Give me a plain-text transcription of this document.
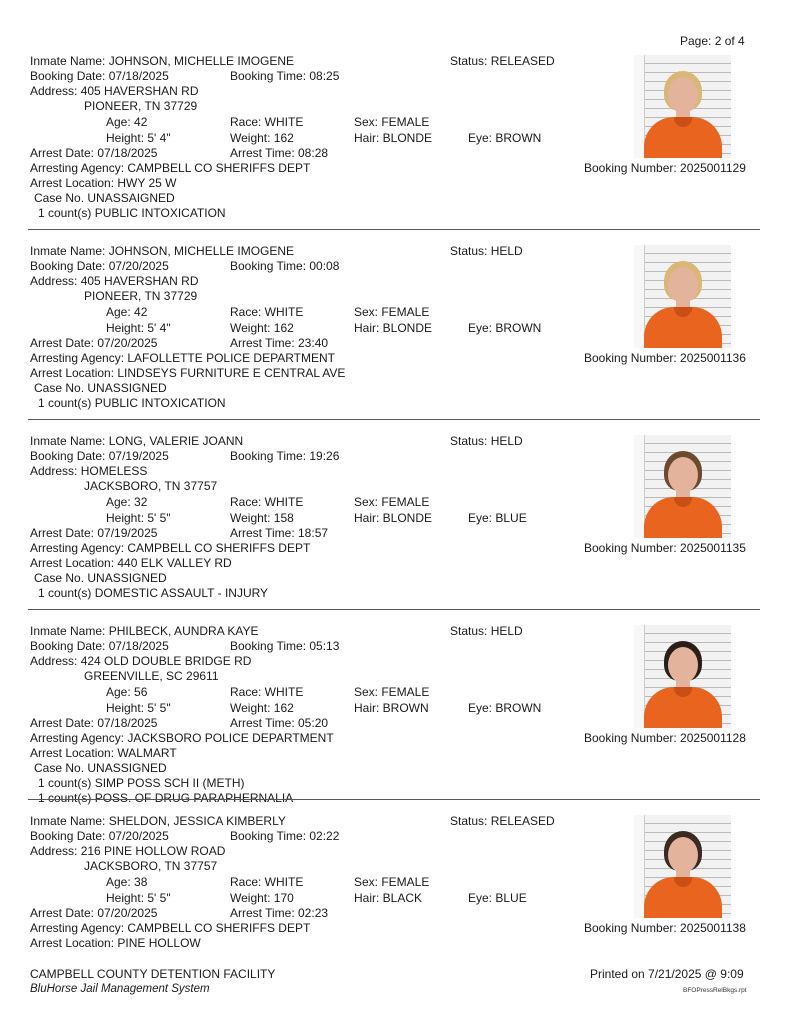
Page: 2 of 4
Inmate Name: JOHNSON, MICHELLE IMOGENE	Status: RELEASED
Booking Date: 07/18/2025	Booking Time: 08:25
Address: 405 HAVERSHAN RD
PIONEER, TN 37729
Age: 42	Race: WHITE	Sex: FEMALE
Height: 5' 4"	Weight: 162	Hair: BLONDE	Eye: BROWN
Arrest Date: 07/18/2025	Arrest Time: 08:28
Arresting Agency: CAMPBELL CO SHERIFFS DEPT	Booking Number: 2025001129
Arrest Location: HWY 25 W
Case No. UNASSAIGNED
1 count(s) PUBLIC INTOXICATION
Inmate Name: JOHNSON, MICHELLE IMOGENE	Status: HELD
Booking Date: 07/20/2025	Booking Time: 00:08
Address: 405 HAVERSHAN RD
PIONEER, TN 37729
Age: 42	Race: WHITE	Sex: FEMALE
Height: 5' 4"	Weight: 162	Hair: BLONDE	Eye: BROWN
Arrest Date: 07/20/2025	Arrest Time: 23:40
Arresting Agency: LAFOLLETTE POLICE DEPARTMENT	Booking Number: 2025001136
Arrest Location: LINDSEYS FURNITURE E CENTRAL AVE
Case No. UNASSIGNED
1 count(s) PUBLIC INTOXICATION
Inmate Name: LONG, VALERIE JOANN	Status: HELD
Booking Date: 07/19/2025	Booking Time: 19:26
Address: HOMELESS
JACKSBORO, TN 37757
Age: 32	Race: WHITE	Sex: FEMALE
Height: 5' 5"	Weight: 158	Hair: BLONDE	Eye: BLUE
Arrest Date: 07/19/2025	Arrest Time: 18:57
Arresting Agency: CAMPBELL CO SHERIFFS DEPT	Booking Number: 2025001135
Arrest Location: 440 ELK VALLEY RD
Case No. UNASSIGNED
1 count(s) DOMESTIC ASSAULT - INJURY
Inmate Name: PHILBECK, AUNDRA KAYE	Status: HELD
Booking Date: 07/18/2025	Booking Time: 05:13
Address: 424 OLD DOUBLE BRIDGE RD
GREENVILLE, SC 29611
Age: 56	Race: WHITE	Sex: FEMALE
Height: 5' 5"	Weight: 162	Hair: BROWN	Eye: BROWN
Arrest Date: 07/18/2025	Arrest Time: 05:20
Arresting Agency: JACKSBORO POLICE DEPARTMENT	Booking Number: 2025001128
Arrest Location: WALMART
Case No. UNASSIGNED
1 count(s) SIMP POSS SCH II (METH)
1 count(s) POSS. OF DRUG PARAPHERNALIA
Inmate Name: SHELDON, JESSICA KIMBERLY	Status: RELEASED
Booking Date: 07/20/2025	Booking Time: 02:22
Address: 216 PINE HOLLOW ROAD
JACKSBORO, TN 37757
Age: 38	Race: WHITE	Sex: FEMALE
Height: 5' 5"	Weight: 170	Hair: BLACK	Eye: BLUE
Arrest Date: 07/20/2025	Arrest Time: 02:23
Arresting Agency: CAMPBELL CO SHERIFFS DEPT	Booking Number: 2025001138
Arrest Location: PINE HOLLOW
CAMPBELL COUNTY DETENTION FACILITY
BluHorse Jail Management System
Printed on 7/21/2025 @ 9:09
BFOPressRelBkgs.rpt
